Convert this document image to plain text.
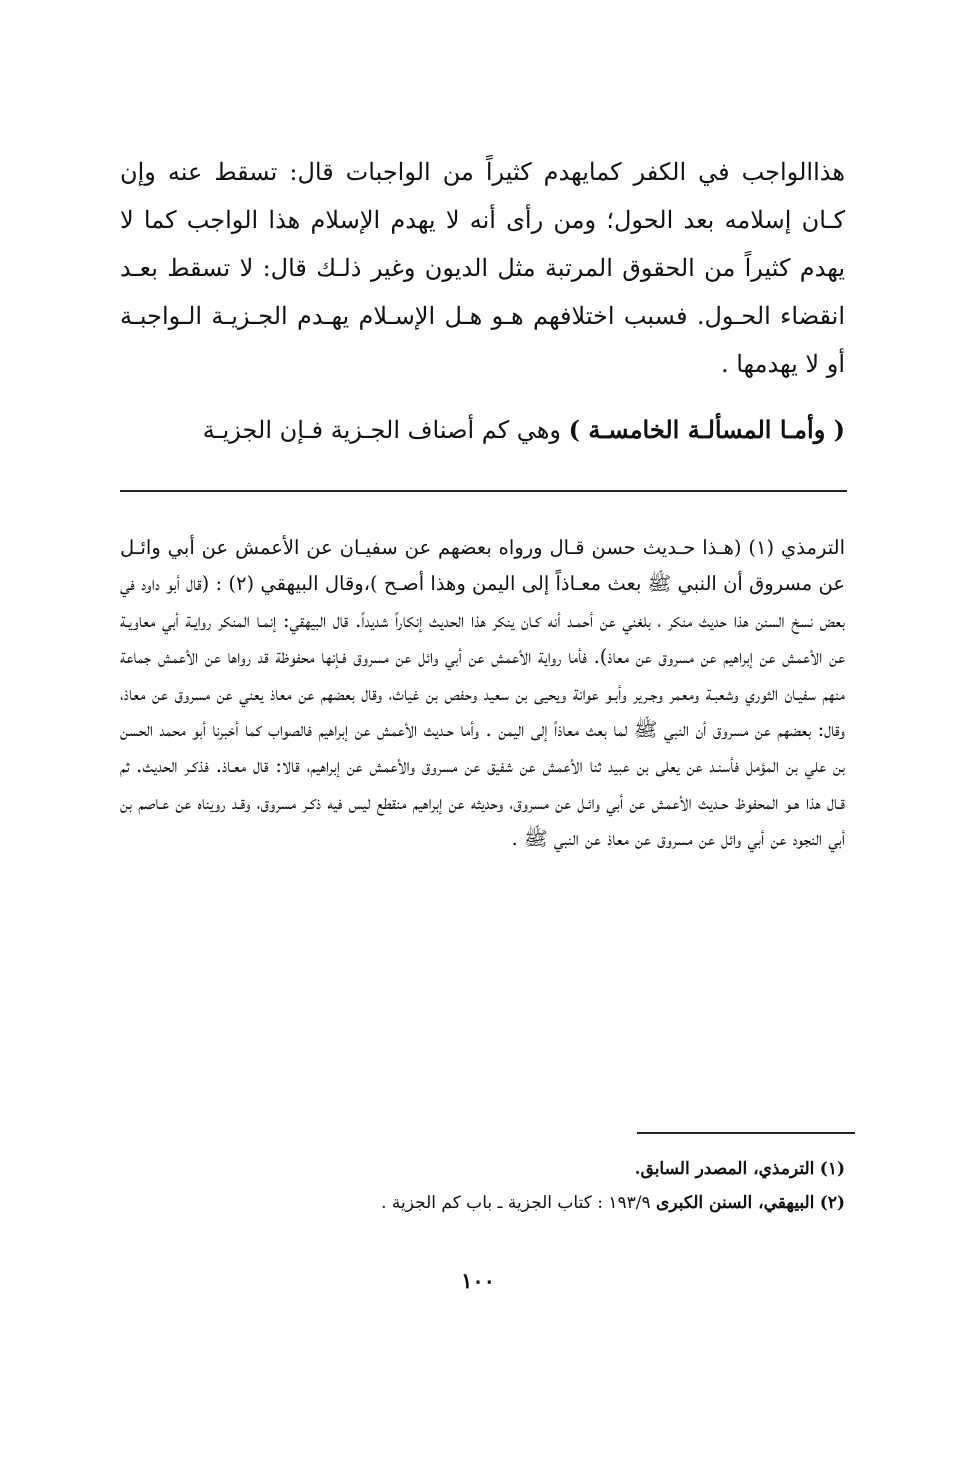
هذاالواجب في الكفر كمايهدم كثيراً من الواجبات قال: تسقط عنه وإن كـان إسلامه بعد الحول؛ ومن رأى أنه لا يهدم الإسلام هذا الواجب كما لا يهدم كثيراً من الحقوق المرتبة مثل الديون وغير ذلـك قال: لا تسقط بعـد انقضاء الحـول. فسبب اختلافهم هـو هـل الإسـلام يهـدم الجـزيـة الـواجبـة أو لا يهدمها .

( وأمـا المسألـة الخامسـة ) وهي كم أصناف الجـزية فـإن الجزيـة

الترمذي (١) (هـذا حـديث حسن قـال ورواه بعضهم عن سفيـان عن الأعمش عن أبي وائـل عن مسروق أن النبي ﷺ بعث معـاذاً إلى اليمن وهذا أصـح )،وقال البيهقي (٢) : (قال أبو داود في بعض نسخ السنن هذا حديث منكر ، بلغني عن أحمـد أنه كـان ينكر هذا الحديث إنكاراً شديداً. قال البيهقي: إنمـا المنكر روايـة أبي معاويـة عن الأعمش عن إبراهيم عن مسروق عن معاذ). فأما رواية الأعمش عن أبي وائل عن مسروق فـإنها محفوظة قد رواها عن الأعمش جماعة منهم سفيـان الثوري وشعبـة ومعمر وجـرير وأبـو عوانة ويحيى بن سعيد وحفص بن غياث، وقال بعضهم عن معاذ يعني عن مسروق عن معاذ، وقال: بعضهم عن مسروق أن النبي ﷺ لما بعث معاذاً إلى اليمن . وأما حـديث الأعمش عن إبراهيم فالصواب كما أخبرنا أبو محمد الحسن بن علي بن المؤمل فأسنـد عن يعلى بن عبيد ثنا الأعمش عن شفيق عن مسروق والأعمش عن إبراهيم، قالا: قال معـاذ. فذكـر الحديث. ثم قـال هذا هـو المحفوظ حـديث الأعمش عن أبي وائـل عن مسروق، وحديثه عن إبراهيم منقطع ليس فيه ذكـر مسروق، وقـد رويناه عن عـاصم بن أبي النجود عن أبي وائل عن مسروق عن معاذ عن النبي ﷺ .

(١) الترمذي، المصدر السابق.
(٢) البيهقي، السنن الكبرى ١٩٣/٩ : كتاب الجزية ـ باب كم الجزية .
١٠٠
